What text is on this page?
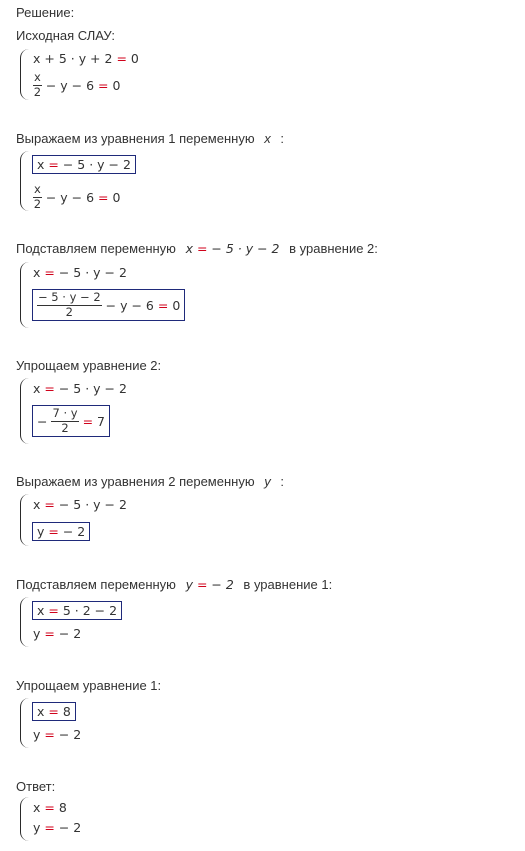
Решение:
Исходная СЛАУ:
x + 5 · y + 2 = 0
$\frac{x}{2} - y - 6 = 0$
Выражаем из уравнения 1 переменную x :
x = − 5 · y − 2
$\frac{x}{2} - y - 6 = 0$
Подставляем переменную x = − 5 · y − 2 в уравнение 2:
x = − 5 · y − 2
$\frac{- 5 \cdot y - 2}{2} - y - 6 = 0$
Упрощаем уравнение 2:
x = − 5 · y − 2
− $\frac{7 \cdot y}{2} = 7$
Выражаем из уравнения 2 переменную y :
x = − 5 · y − 2
y = − 2
Подставляем переменную y = − 2 в уравнение 1:
x = 5 · 2 − 2
y = − 2
Упрощаем уравнение 1:
x = 8
y = − 2
Ответ:
x = 8
y = − 2
